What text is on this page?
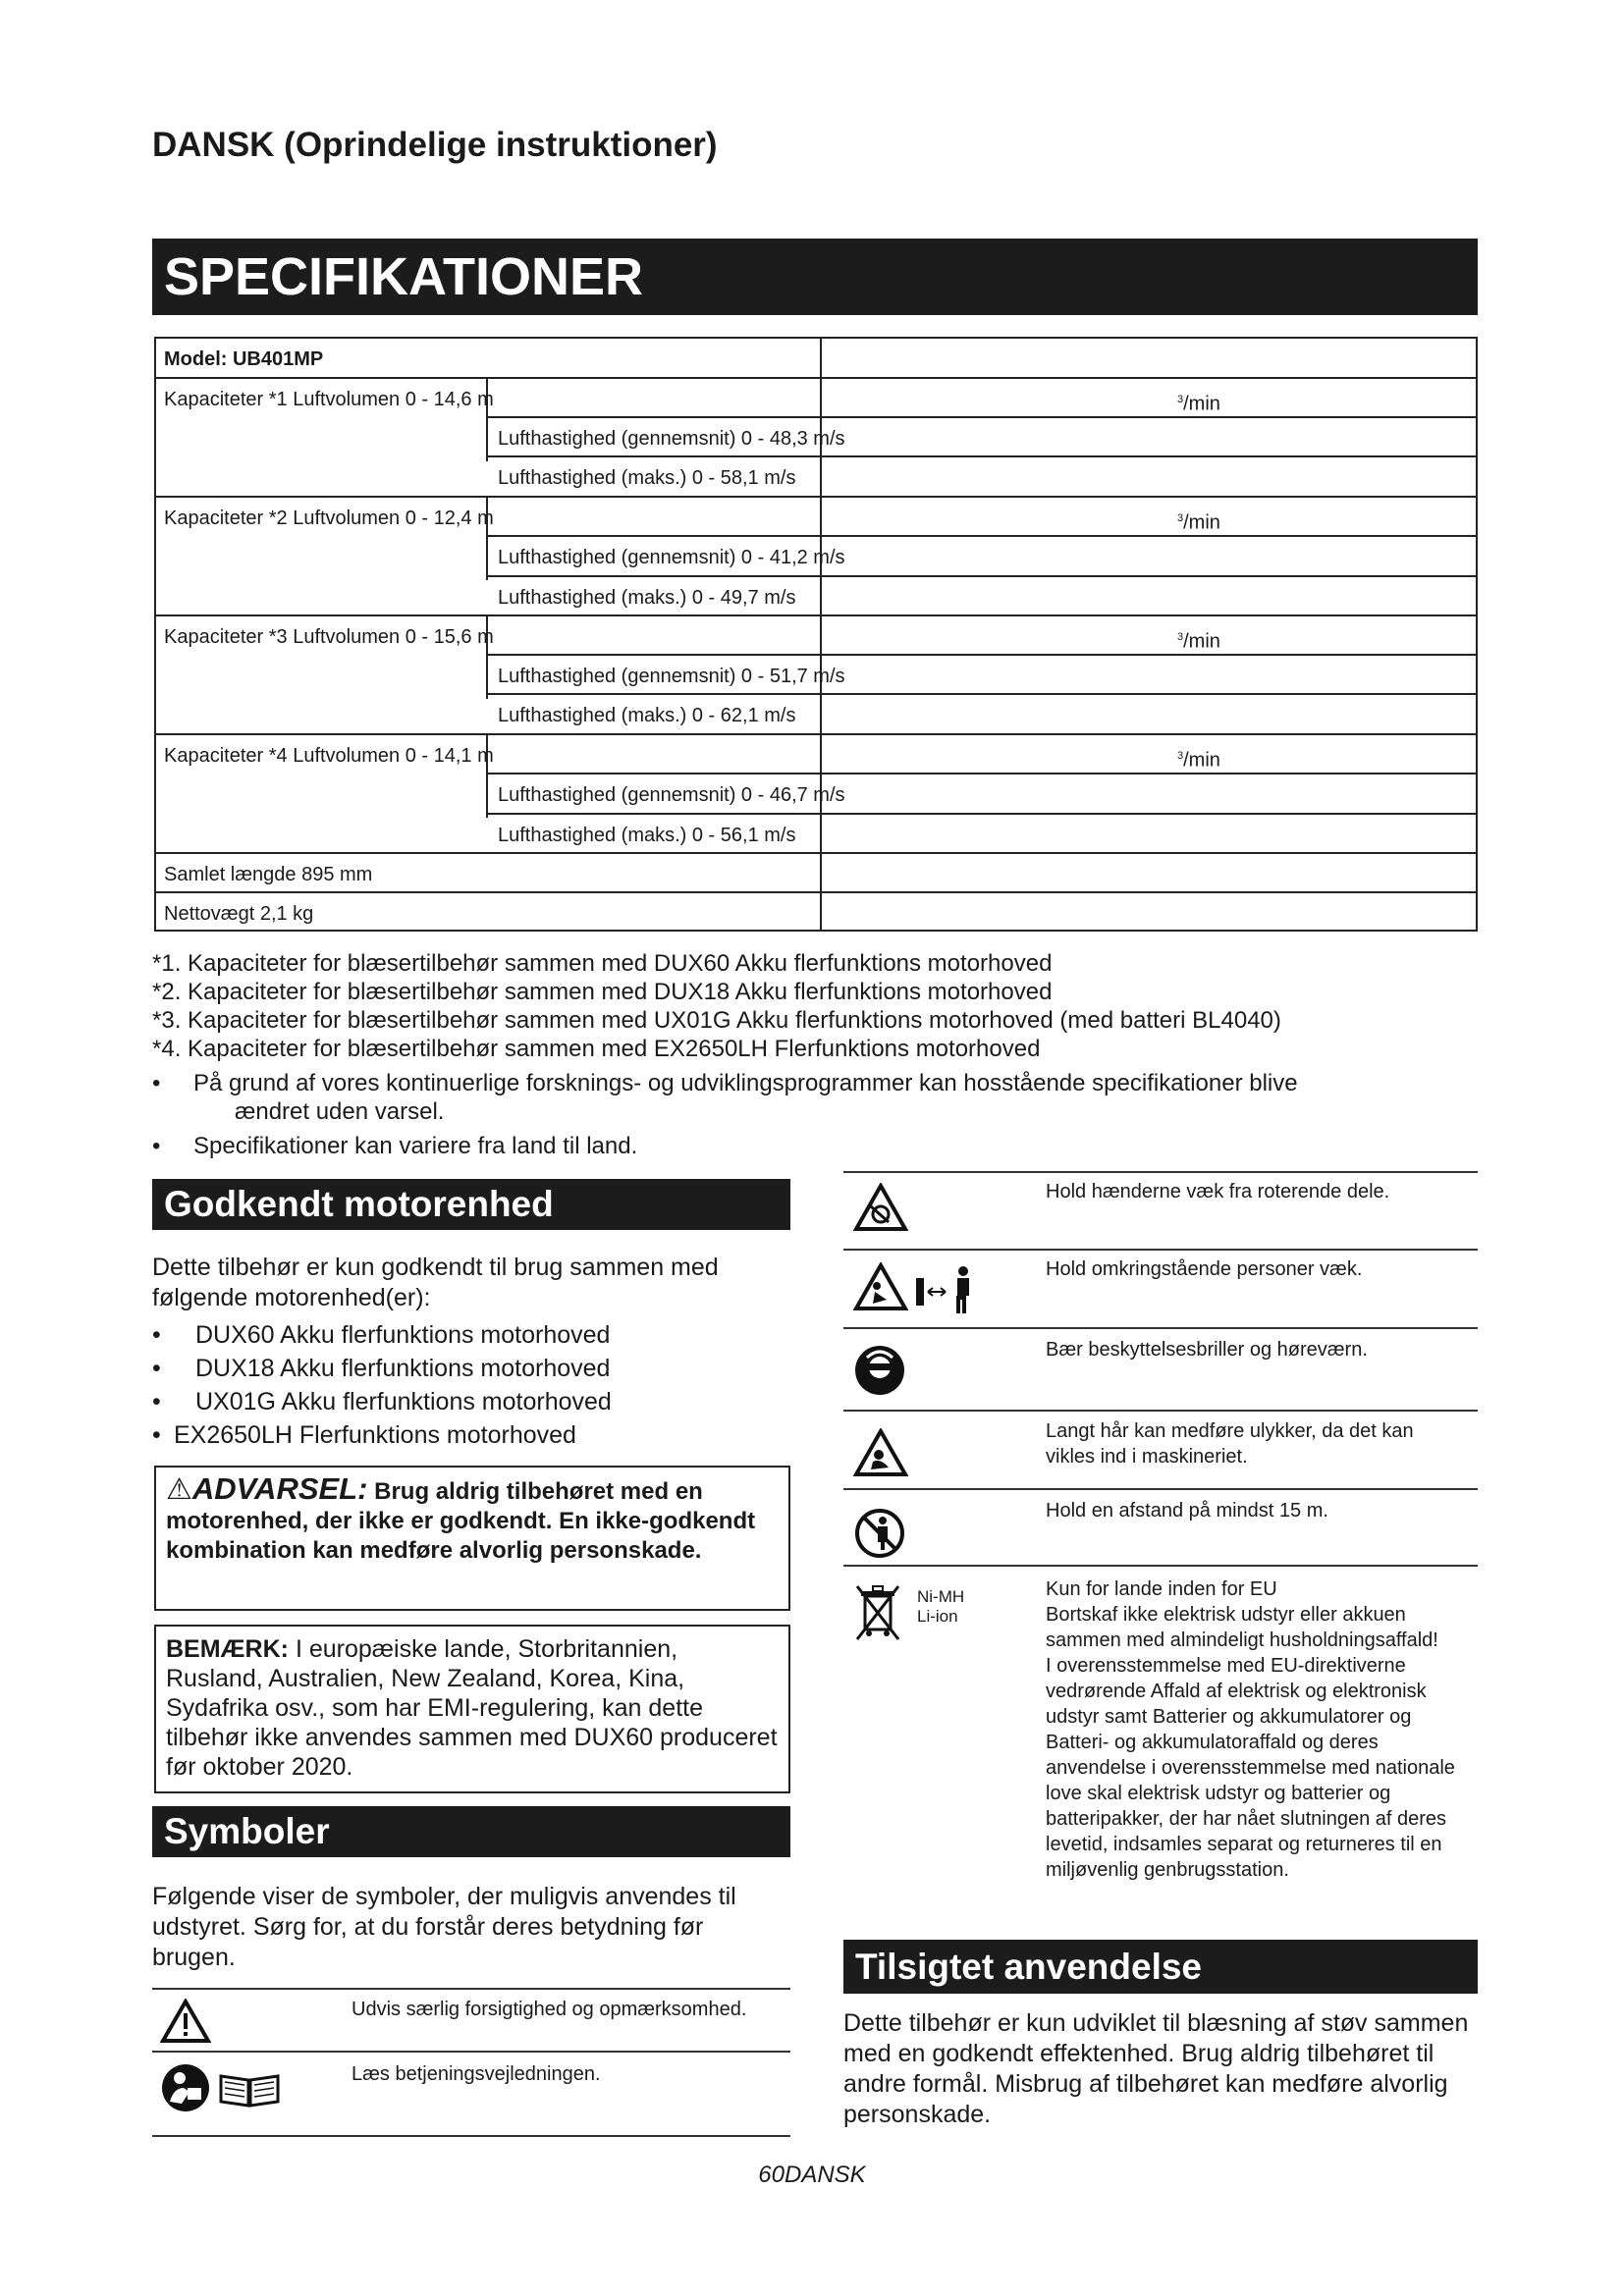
DANSK (Oprindelige instruktioner)
SPECIFIKATIONER
Model: UB401MP
Kapaciteter *1 Luftvolumen 0 - 14,6 m	$^3$/min
Lufthastighed (gennemsnit) 0 - 48,3 m/s
Lufthastighed (maks.) 0 - 58,1 m/s
Kapaciteter *2 Luftvolumen 0 - 12,4 m	$^3$/min
Lufthastighed (gennemsnit) 0 - 41,2 m/s
Lufthastighed (maks.) 0 - 49,7 m/s
Kapaciteter *3 Luftvolumen 0 - 15,6 m	$^3$/min
Lufthastighed (gennemsnit) 0 - 51,7 m/s
Lufthastighed (maks.) 0 - 62,1 m/s
Kapaciteter *4 Luftvolumen 0 - 14,1 m	$^3$/min
Lufthastighed (gennemsnit) 0 - 46,7 m/s
Lufthastighed (maks.) 0 - 56,1 m/s
Samlet længde 895 mm
Nettovægt 2,1 kg

*1. Kapaciteter for blæsertilbehør sammen med DUX60 Akku flerfunktions motorhoved

*2. Kapaciteter for blæsertilbehør sammen med DUX18 Akku flerfunktions motorhoved

*3. Kapaciteter for blæsertilbehør sammen med UX01G Akku flerfunktions motorhoved (med batteri BL4040)

*4. Kapaciteter for blæsertilbehør sammen med EX2650LH Flerfunktions motorhoved

• På grund af vores kontinuerlige forsknings- og udviklingsprogrammer kan hosstående specifikationer blive
ændret uden varsel.

• Specifikationer kan variere fra land til land.

Godkendt motorenhed

Dette tilbehør er kun godkendt til brug sammen med følgende motorenhed(er):

• DUX60 Akku flerfunktions motorhoved
• DUX18 Akku flerfunktions motorhoved
• UX01G Akku flerfunktions motorhoved
• EX2650LH Flerfunktions motorhoved
⚠ADVARSEL: Brug aldrig tilbehøret med en motorenhed, der ikke er godkendt. En ikke-godkendt kombination kan medføre alvorlig personskade.
BEMÆRK: I europæiske lande, Storbritannien, Rusland, Australien, New Zealand, Korea, Kina, Sydafrika osv., som har EMI-regulering, kan dette tilbehør ikke anvendes sammen med DUX60 produceret før oktober 2020.
Symboler

Følgende viser de symboler, der muligvis anvendes til udstyret. Sørg for, at du forstår deres betydning før brugen.

Udvis særlig forsigtighed og opmærksomhed.

Læs betjeningsvejledningen.

Hold hænderne væk fra roterende dele.

Hold omkringstående personer væk.

Bær beskyttelsesbriller og høreværn.

Langt hår kan medføre ulykker, da det kan vikles ind i maskineriet.

Hold en afstand på mindst 15 m.

Ni-MH
Li-ion

Kun for lande inden for EU
Bortskaf ikke elektrisk udstyr eller akkuen sammen med almindeligt husholdningsaffald!
I overensstemmelse med EU-direktiverne vedrørende Affald af elektrisk og elektronisk udstyr samt Batterier og akkumulatorer og Batteri- og akkumulatoraffald og deres anvendelse i overensstemmelse med nationale love skal elektrisk udstyr og batterier og batteripakker, der har nået slutningen af deres levetid, indsamles separat og returneres til en miljøvenlig genbrugsstation.

Tilsigtet anvendelse

Dette tilbehør er kun udviklet til blæsning af støv sammen med en godkendt effektenhed. Brug aldrig tilbehøret til andre formål. Misbrug af tilbehøret kan medføre alvorlig personskade.

60DANSK
